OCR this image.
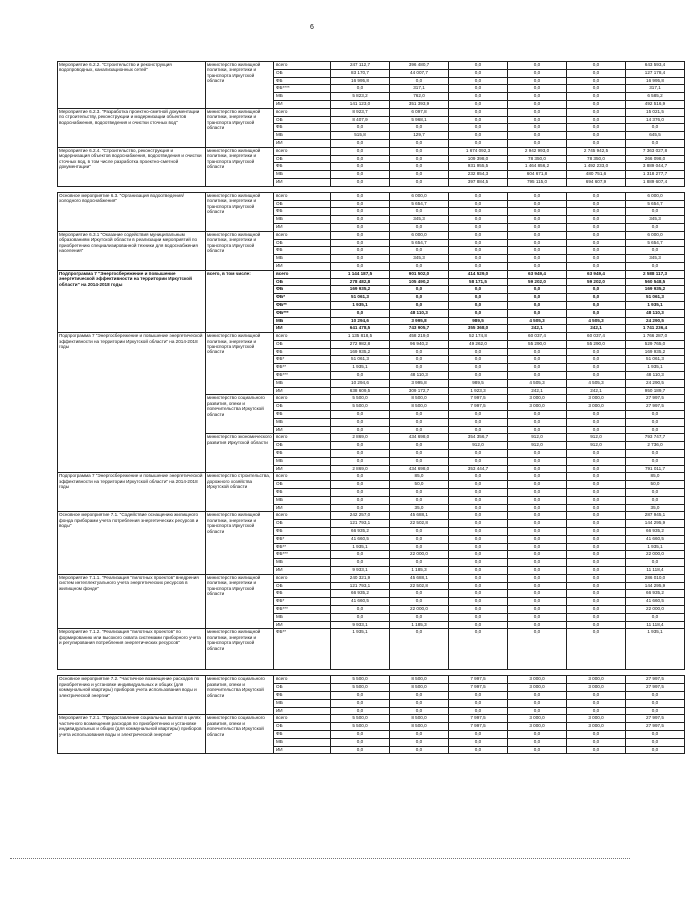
6
Мероприятие 6.2.2. "Строительство и реконструкция водопроводных, канализационных сетей"	министерство жилищной политики, энергетики и транспорта Иркутской области	всего	247 112,7	396 480,7	0,0	0,0	0,0	643 593,4
		ОБ	83 170,7	44 007,7	0,0	0,0	0,0	127 178,4
		ФБ	16 995,8	0,0	0,0	0,0	0,0	16 995,8
		ФБ****	0,0	317,1	0,0	0,0	0,0	317,1
		МБ	5 823,2	762,0	0,0	0,0	0,0	6 585,2
		ИИ	141 123,0	351 393,9	0,0	0,0	0,0	492 516,9
Мероприятие 6.2.3. "Разработка проектно-сметной документации по строительству, реконструкции и модернизации объектов водоснабжения, водоотведения и очистки сточных вод"	министерство жилищной политики, энергетики и транспорта Иркутской области	всего	8 923,7	6 097,8	0,0	0,0	0,0	15 021,5
		ОБ	8 407,9	5 968,1	0,0	0,0	0,0	14 376,0
		ФБ	0,0	0,0	0,0	0,0	0,0	0,0
		МБ	515,8	129,7	0,0	0,0	0,0	645,5
		ИИ	0,0	0,0	0,0	0,0	0,0	0,0
Мероприятие 6.2.4. "Строительство, реконструкция и модернизация объектов водоснабжения, водоотведения и очистки сточных вод, в том числе разработка проектно-сметной документации"	министерство жилищной политики, энергетики и транспорта Иркутской области	всего	0,0	0,0	1 674 092,3	2 942 993,0	2 745 942,5	7 363 027,8
		ОБ	0,0	0,0	109 398,0	78 350,0	78 350,0	266 098,0
		ФБ	0,0	0,0	931 955,5	1 464 856,2	1 492 233,0	3 889 044,7
		МБ	0,0	0,0	232 854,3	604 671,8	480 751,6	1 318 277,7
		ИИ	0,0	0,0	397 884,5	795 115,0	694 607,9	1 889 607,4

Основное мероприятие 6.3. "Организация водоотведения/холодного водоснабжения"	министерство жилищной политики, энергетики и транспорта Иркутской области	всего	0,0	6 000,0	0,0	0,0	0,0	6 000,0
		ОБ	0,0	5 654,7	0,0	0,0	0,0	5 654,7
		ФБ	0,0	0,0	0,0	0,0	0,0	0,0
		МБ	0,0	345,3	0,0	0,0	0,0	345,3
		ИИ	0,0	0,0	0,0	0,0	0,0	0,0
Мероприятие 6.3.1 "Оказание содействия муниципальным образованиям Иркутской области в реализации мероприятий по приобретению специализированной техники для водоснабжения населения"	министерство жилищной политики, энергетики и транспорта Иркутской области	всего	0,0	6 000,0	0,0	0,0	0,0	6 000,0
		ОБ	0,0	5 654,7	0,0	0,0	0,0	5 654,7
		ФБ	0,0	0,0	0,0	0,0	0,0	0,0
		МБ	0,0	345,3	0,0	0,0	0,0	345,3
		ИИ	0,0	0,0	0,0	0,0	0,0	0,0
Подпрограмма 7 "Энергосбережение и повышение энергетической эффективности на территории Иркутской области" на 2014-2018 годы	всего, в том числе:	всего	1 144 187,5	901 502,0	414 529,0	63 949,4	63 949,4	2 588 117,3
		ОБ	278 482,8	105 490,2	58 171,5	59 202,0	59 202,0	560 548,5
		ФБ	169 935,2	0,0	0,0	0,0	0,0	169 935,2
		ФБ*	51 061,3	0,0	0,0	0,0	0,0	51 061,3
		ФБ**	1 935,1	0,0	0,0	0,0	0,0	1 935,1
		ФБ***	0,0	48 110,3	0,0	0,0	0,0	48 110,3
		МБ	10 294,6	3 995,8	989,5	4 505,3	4 505,3	24 290,5
		ИИ	641 478,5	743 905,7	355 368,0	242,1	242,1	1 741 236,4
Подпрограмма 7 "Энергосбережение и повышение энергетической эффективности на территории Иркутской области" на 2014-2018 годы	министерство жилищной политики, энергетики и транспорта Иркутской области	всего	1 135 818,5	458 219,0	52 174,8	60 037,4	60 037,4	1 766 287,0
		ОБ	272 982,8	96 940,2	49 262,0	55 290,0	55 290,0	529 765,0
		ФБ	169 935,2	0,0	0,0	0,0	0,0	169 935,2
		ФБ*	51 061,3	0,0	0,0	0,0	0,0	51 061,3
		ФБ**	1 935,1	0,0	0,0	0,0	0,0	1 935,1
		ФБ***	0,0	48 110,3	0,0	0,0	0,0	48 110,3
		МБ	10 294,6	3 995,8	989,5	4 505,3	4 505,3	24 290,5
		ИИ	638 609,5	309 172,7	1 923,3	242,1	242,1	950 189,7
	министерство социального развития, опеки и попечительства Иркутской области	всего	5 500,0	8 500,0	7 997,5	3 000,0	3 000,0	27 997,5
		ОБ	5 500,0	8 500,0	7 997,5	3 000,0	3 000,0	27 997,5
		ФБ	0,0	0,0	0,0	0,0	0,0	0,0
		МБ	0,0	0,0	0,0	0,0	0,0	0,0
		ИИ	0,0	0,0	0,0	0,0	0,0	0,0
	министерство экономического развития Иркутской области	всего	2 869,0	434 698,0	354 356,7	912,0	912,0	793 747,7
		ОБ	0,0	0,0	912,0	912,0	912,0	2 736,0
		ФБ	0,0	0,0	0,0	0,0	0,0	0,0
		МБ	0,0	0,0	0,0	0,0	0,0	0,0
		ИИ	2 869,0	434 698,0	353 444,7	0,0	0,0	791 011,7
Подпрограмма 7 "Энергосбережение и повышение энергетической эффективности на территории Иркутской области" на 2014-2018 годы	министерство строительства, дорожного хозяйства Иркутской области	всего	0,0	85,0	0,0	0,0	0,0	85,0
		ОБ	0,0	50,0	0,0	0,0	0,0	50,0
		ФБ	0,0	0,0	0,0	0,0	0,0	0,0
		МБ	0,0	0,0	0,0	0,0	0,0	0,0
		ИИ	0,0	35,0	0,0	0,0	0,0	35,0
Основное мероприятие 7.1. "Содействие оснащению жилищного фонда приборами учета потребления энергетических ресурсов и воды"	министерство жилищной политики, энергетики и транспорта Иркутской области	всего	242 257,0	45 688,1	0,0	0,0	0,0	287 945,1
		ОБ	121 793,1	22 502,8	0,0	0,0	0,0	144 295,9
		ФБ	66 935,2	0,0	0,0	0,0	0,0	66 935,2
		ФБ*	41 660,5	0,0	0,0	0,0	0,0	41 660,5
		ФБ**	1 935,1	0,0	0,0	0,0	0,0	1 935,1
		ФБ***	0,0	22 000,0	0,0	0,0	0,0	22 000,0
		МБ	0,0	0,0	0,0	0,0	0,0	0,0
		ИИ	9 933,1	1 185,3	0,0	0,0	0,0	11 118,4
Мероприятие 7.1.1. "Реализация "пилотных проектов" внедрения систем интеллектуального учета энергетических ресурсов в жилищном фонде"	министерство жилищной политики, энергетики и транспорта Иркутской области	всего	240 321,9	45 688,1	0,0	0,0	0,0	286 010,0
		ОБ	121 793,1	22 502,8	0,0	0,0	0,0	144 295,9
		ФБ	66 935,2	0,0	0,0	0,0	0,0	66 935,2
		ФБ*	41 660,5	0,0	0,0	0,0	0,0	41 660,5
		ФБ***	0,0	22 000,0	0,0	0,0	0,0	22 000,0
		МБ	0,0	0,0	0,0	0,0	0,0	0,0
		ИИ	9 933,1	1 185,3	0,0	0,0	0,0	11 118,4
Мероприятие 7.1.2. "Реализация "пилотных проектов" по формированию или высокого охвата системами приборного учета и регулирования потребления энергетических ресурсов"	министерство жилищной политики, энергетики и транспорта Иркутской области	ФБ**	1 935,1	0,0	0,0	0,0	0,0	1 935,1

Основное мероприятие 7.2. "Частичное возмещение расходов по приобретению и установке индивидуальных и общих (для коммунальной квартиры) приборов учета использования воды и электрической энергии"	министерство социального развития, опеки и попечительства Иркутской области	всего	5 500,0	8 500,0	7 997,5	3 000,0	3 000,0	27 997,5
		ОБ	5 500,0	8 500,0	7 997,5	3 000,0	3 000,0	27 997,5
		ФБ	0,0	0,0	0,0	0,0	0,0	0,0
		МБ	0,0	0,0	0,0	0,0	0,0	0,0
		ИИ	0,0	0,0	0,0	0,0	0,0	0,0
Мероприятие 7.2.1. "Предоставление социальных выплат в целях частичного возмещения расходов по приобретению и установке индивидуальных и общих (для коммунальной квартиры) приборов учета использования воды и электрической энергии"	министерство социального развития, опеки и попечительства Иркутской области	всего	5 500,0	8 500,0	7 997,5	3 000,0	3 000,0	27 997,5
		ОБ	5 500,0	8 500,0	7 997,5	3 000,0	3 000,0	27 997,5
		ФБ	0,0	0,0	0,0	0,0	0,0	0,0
		МБ	0,0	0,0	0,0	0,0	0,0	0,0
		ИИ	0,0	0,0	0,0	0,0	0,0	0,0
